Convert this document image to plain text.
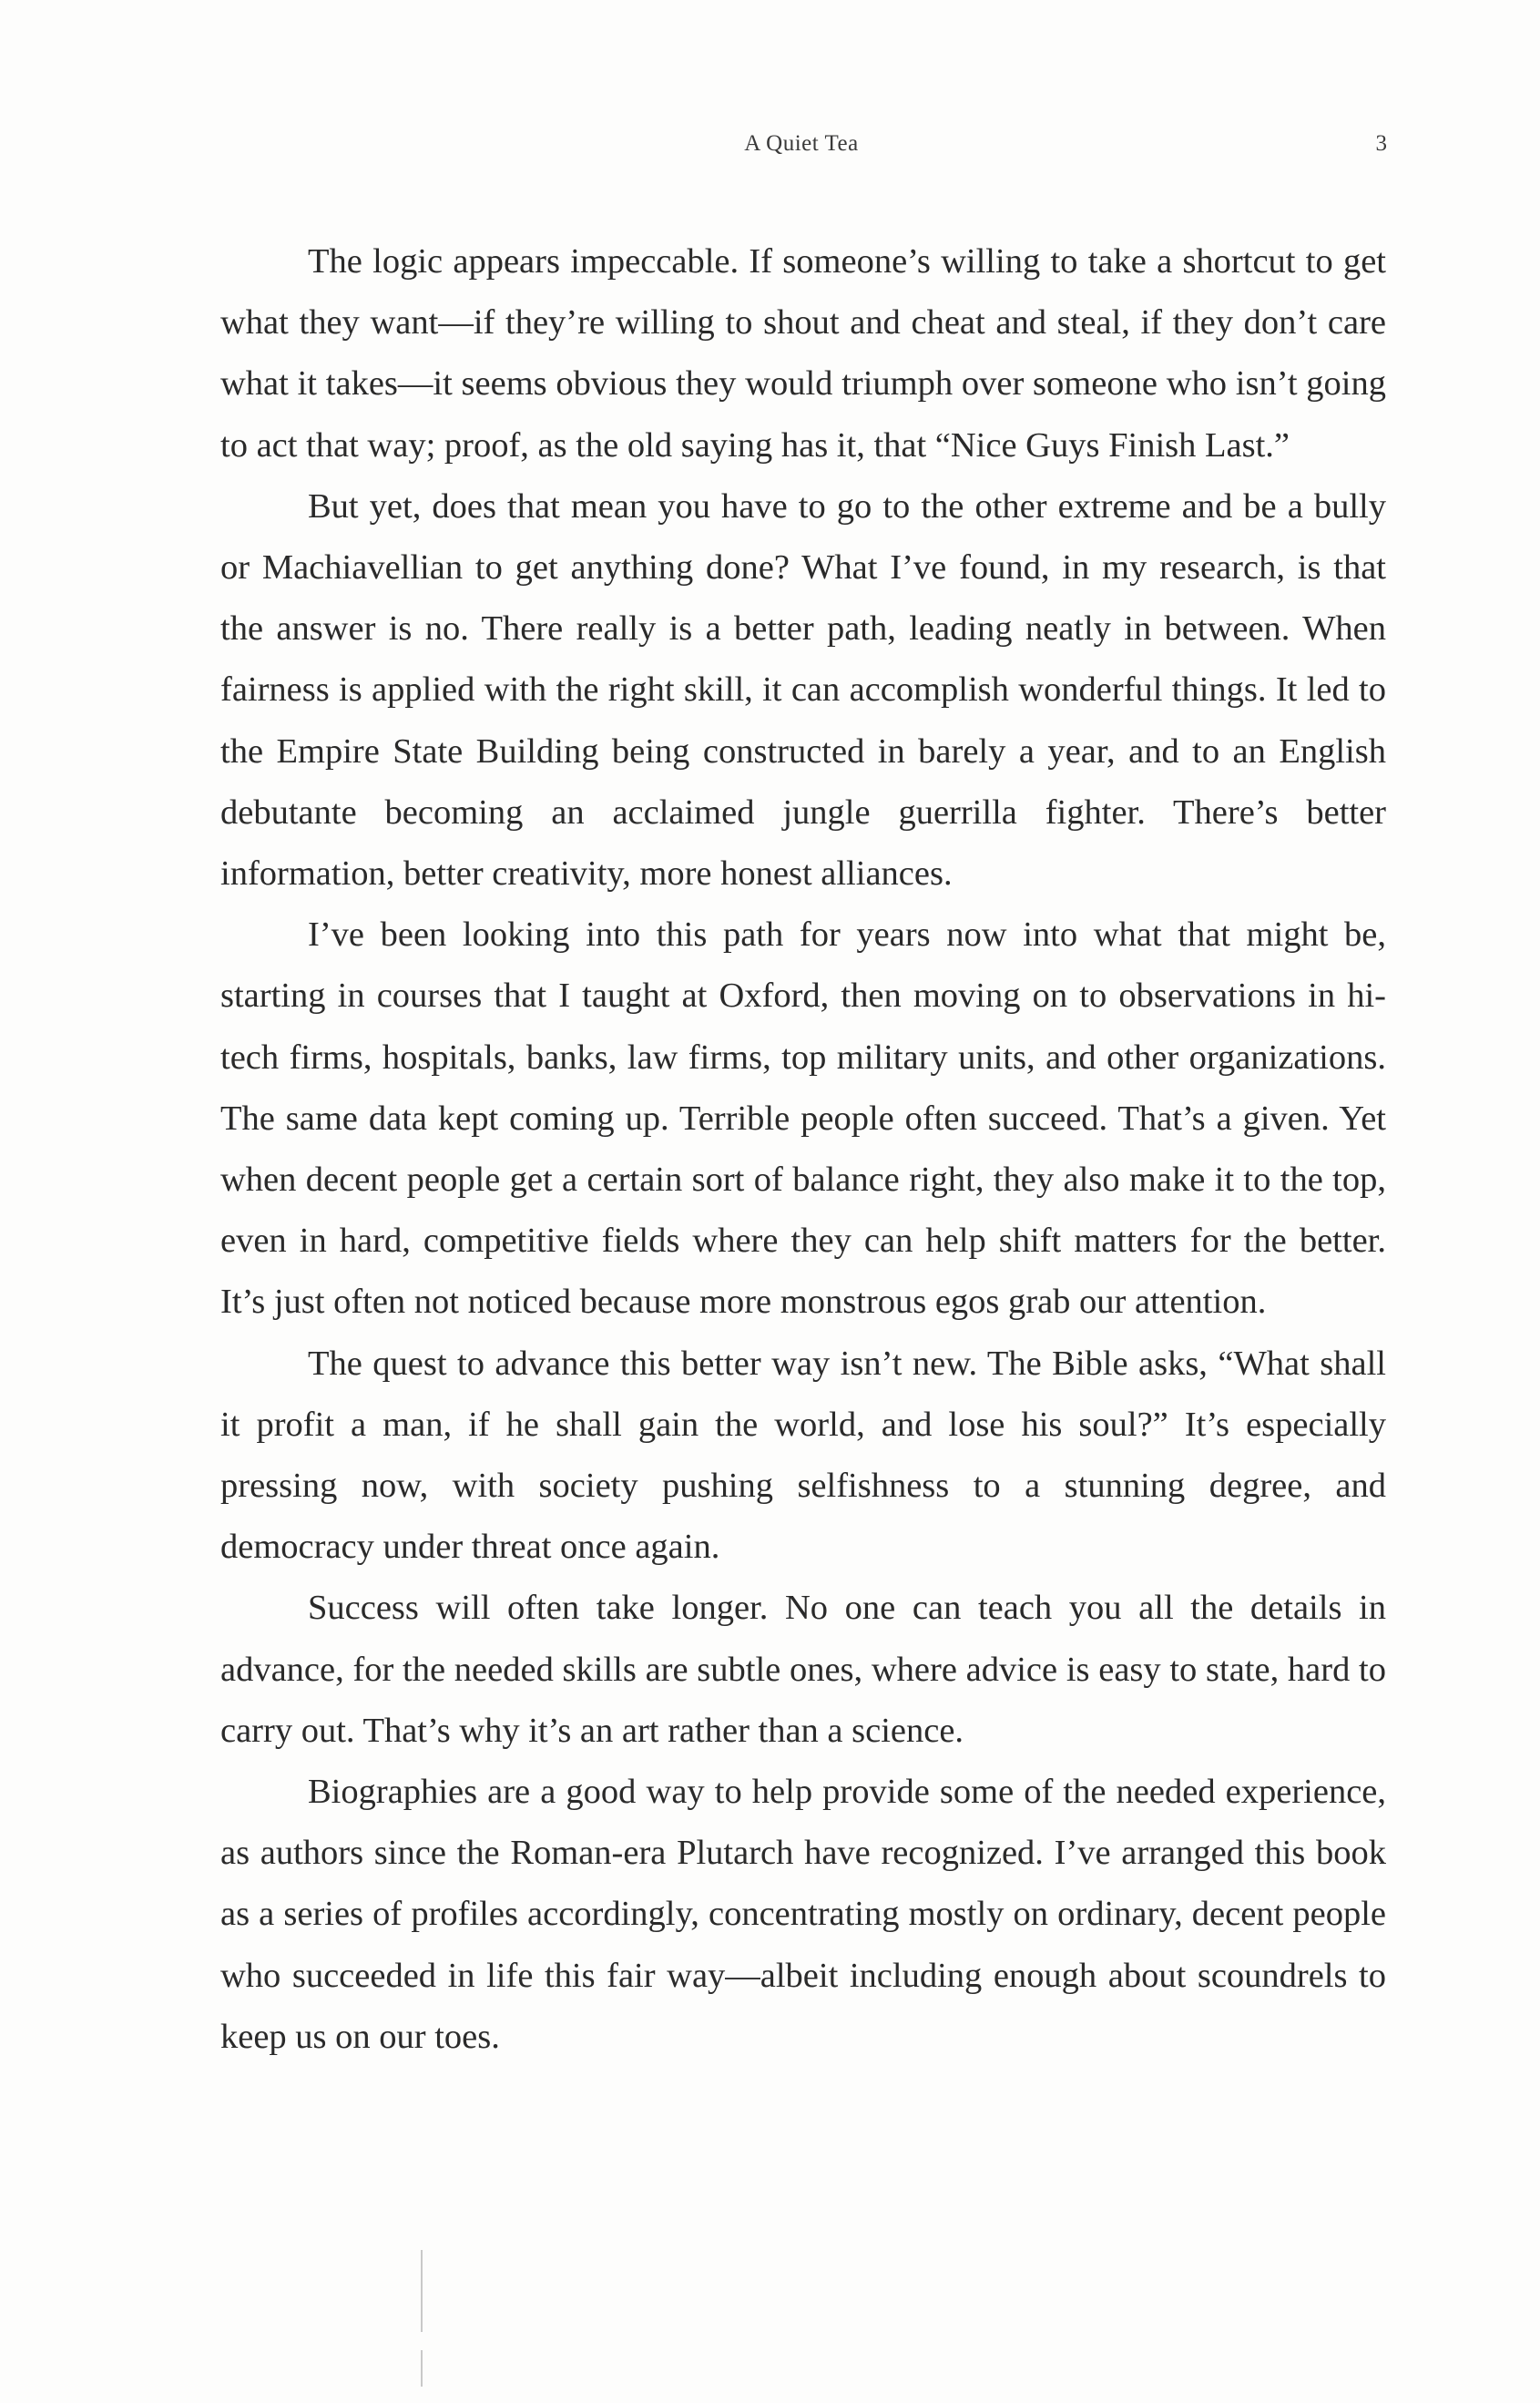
A Quiet Tea	3

The logic appears impeccable. If someone’s willing to take a shortcut to get what they want—if they’re willing to shout and cheat and steal, if they don’t care what it takes—it seems obvious they would triumph over someone who isn’t going to act that way; proof, as the old saying has it, that “Nice Guys Finish Last.”

But yet, does that mean you have to go to the other extreme and be a bully or Machiavellian to get anything done? What I’ve found, in my research, is that the answer is no. There really is a better path, leading neatly in between. When fairness is applied with the right skill, it can accomplish wonderful things. It led to the Empire State Building being constructed in barely a year, and to an English debutante becoming an acclaimed jungle guerrilla fighter. There’s better information, better creativity, more honest alliances.

I’ve been looking into this path for years now into what that might be, starting in courses that I taught at Oxford, then moving on to observations in hi-tech firms, hospitals, banks, law firms, top military units, and other organizations. The same data kept coming up. Terrible people often succeed. That’s a given. Yet when decent people get a certain sort of balance right, they also make it to the top, even in hard, competitive fields where they can help shift matters for the better. It’s just often not noticed because more monstrous egos grab our attention.

The quest to advance this better way isn’t new. The Bible asks, “What shall it profit a man, if he shall gain the world, and lose his soul?” It’s especially pressing now, with society pushing selfishness to a stunning degree, and democracy under threat once again.

Success will often take longer. No one can teach you all the details in advance, for the needed skills are subtle ones, where advice is easy to state, hard to carry out. That’s why it’s an art rather than a science.

Biographies are a good way to help provide some of the needed experience, as authors since the Roman-era Plutarch have recognized. I’ve arranged this book as a series of profiles accordingly, concentrating mostly on ordinary, decent people who succeeded in life this fair way—albeit including enough about scoundrels to keep us on our toes.
